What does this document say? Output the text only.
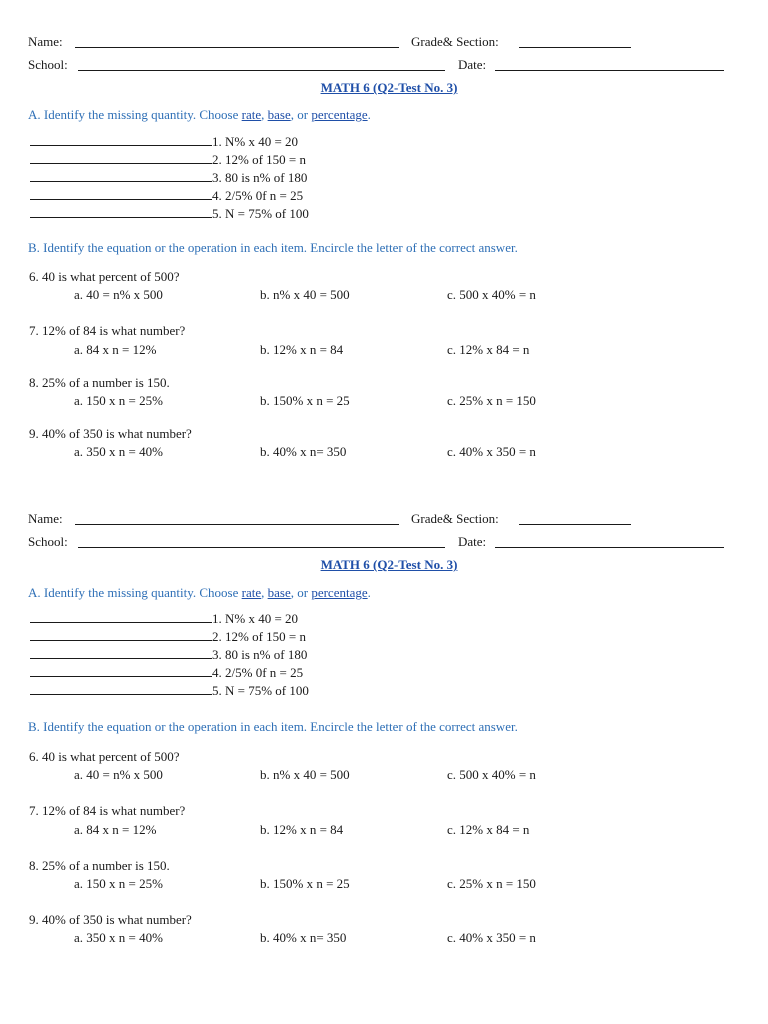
Name:	Grade& Section:
School:	Date:
MATH 6 (Q2-Test No. 3)
A. Identify the missing quantity. Choose rate, base, or percentage.
1. N% x 40 = 20
2. 12% of 150 = n
3. 80 is n% of 180
4. 2/5% 0f n = 25
5. N = 75% of 100
B. Identify the equation or the operation in each item. Encircle the letter of the correct answer.
6. 40 is what percent of 500?
a. 40 = n% x 500	b. n% x 40 = 500	c. 500 x 40% = n
7. 12% of 84 is what number?
a. 84 x n = 12%	b. 12% x n = 84	c. 12% x 84 = n
8. 25% of a number is 150.
a. 150 x n = 25%	b. 150% x n = 25	c. 25% x n = 150
9. 40% of 350 is what number?
a. 350 x n = 40%	b. 40% x n= 350	c. 40% x 350 = n
Name:	Grade& Section:
School:	Date:
MATH 6 (Q2-Test No. 3)
A. Identify the missing quantity. Choose rate, base, or percentage.
1. N% x 40 = 20
2. 12% of 150 = n
3. 80 is n% of 180
4. 2/5% 0f n = 25
5. N = 75% of 100
B. Identify the equation or the operation in each item. Encircle the letter of the correct answer.
6. 40 is what percent of 500?
a. 40 = n% x 500	b. n% x 40 = 500	c. 500 x 40% = n
7. 12% of 84 is what number?
a. 84 x n = 12%	b. 12% x n = 84	c. 12% x 84 = n
8. 25% of a number is 150.
a. 150 x n = 25%	b. 150% x n = 25	c. 25% x n = 150
9. 40% of 350 is what number?
a. 350 x n = 40%	b. 40% x n= 350	c. 40% x 350 = n
